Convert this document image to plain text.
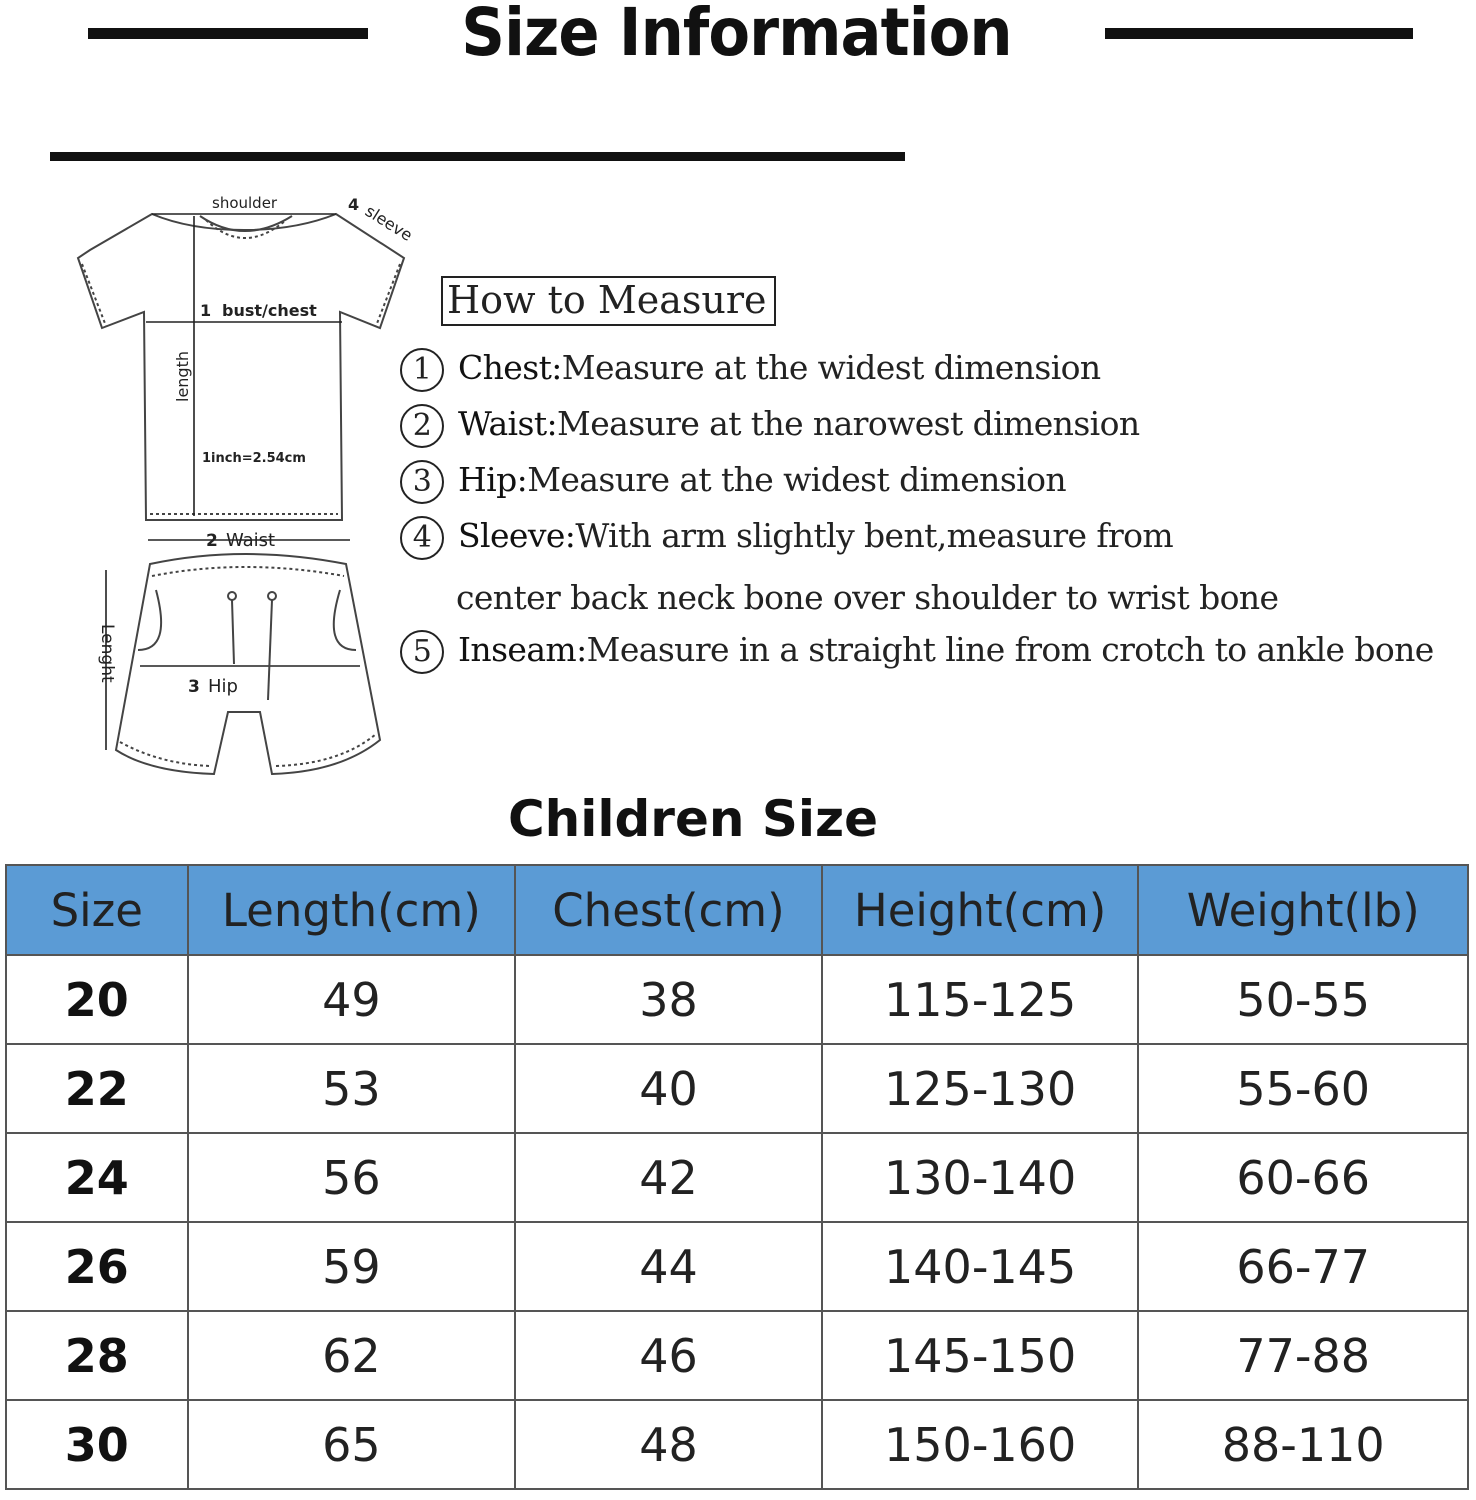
Size Information
shoulder	4 sleeve
1 bust/chest
length
1inch=2.54cm
2 Waist
3 Hip
Lenght
How to Measure
1 Chest:Measure at the widest dimension
2 Waist:Measure at the narowest dimension
3 Hip:Measure at the widest dimension
4 Sleeve:With arm slightly bent,measure from
center back neck bone over shoulder to wrist bone
5 Inseam:Measure in a straight line from crotch to ankle bone
Children Size
Size	Length(cm)	Chest(cm)	Height(cm)	Weight(lb)
20	49	38	115-125	50-55
22	53	40	125-130	55-60
24	56	42	130-140	60-66
26	59	44	140-145	66-77
28	62	46	145-150	77-88
30	65	48	150-160	88-110
